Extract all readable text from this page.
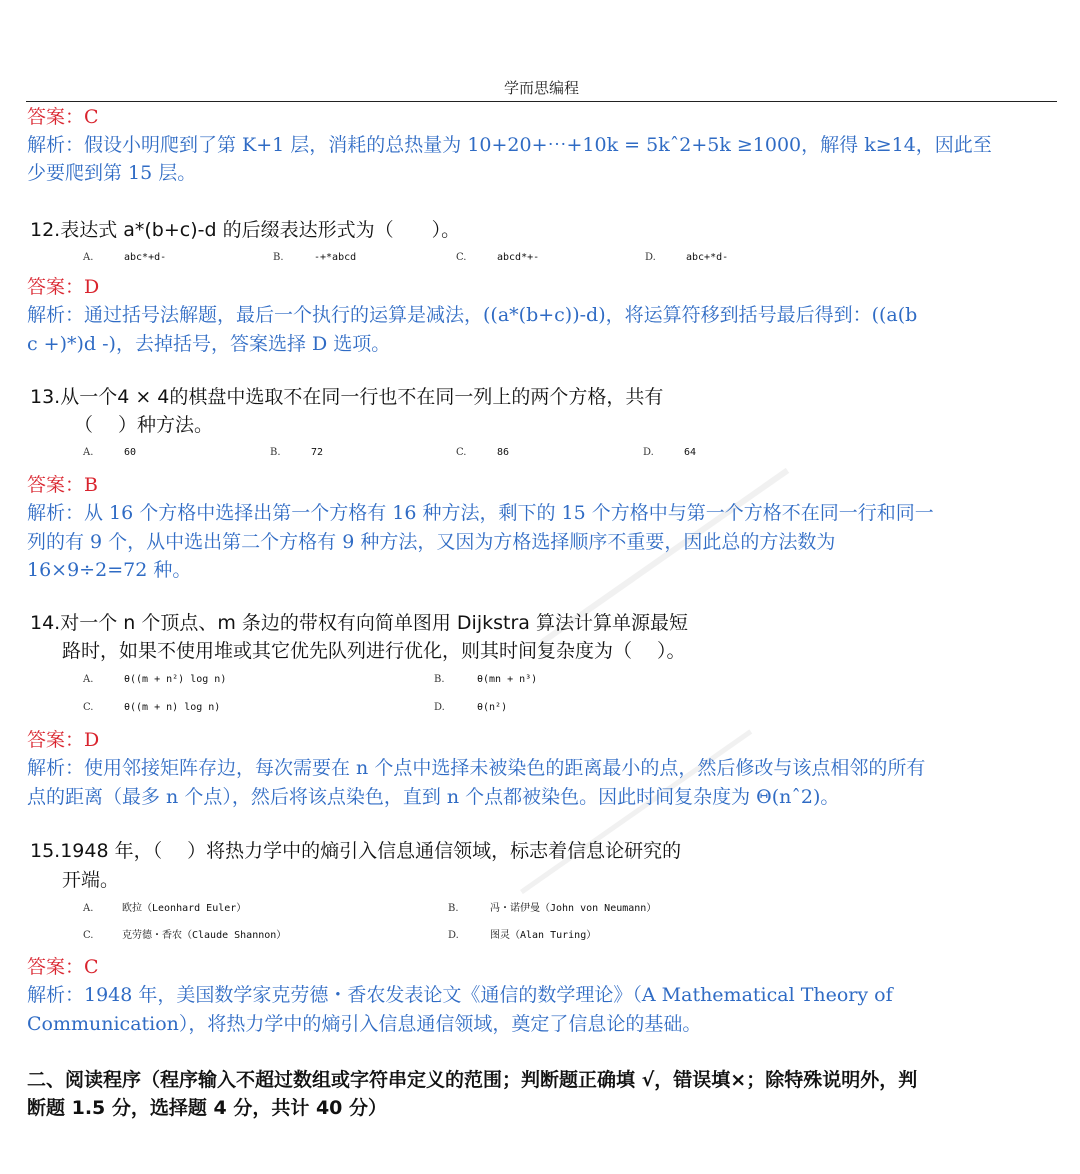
学而思编程
答案：C
解析：假设小明爬到了第 K+1 层，消耗的总热量为 10+20+⋯+10k = 5kˆ2+5k ≥1000，解得 k≥14，因此至
少要爬到第 15 层。
12.表达式 a*(b+c)-d 的后缀表达形式为（　　）。
A.	abc*+d-	B.	-+*abcd	C.	abcd*+-	D.	abc+*d-
答案：D
解析：通过括号法解题，最后一个执行的运算是减法，((a*(b+c))-d)，将运算符移到括号最后得到：((a(b
c +)*)d -)，去掉括号，答案选择 D 选项。
13.从一个4 × 4的棋盘中选取不在同一行也不在同一列上的两个方格，共有
（　 ）种方法。
A.	60	B.	72	C.	86	D.	64
答案：B
解析：从 16 个方格中选择出第一个方格有 16 种方法，剩下的 15 个方格中与第一个方格不在同一行和同一
列的有 9 个，从中选出第二个方格有 9 种方法，又因为方格选择顺序不重要，因此总的方法数为
16×9÷2=72 种。
14.对一个 n 个顶点、m 条边的带权有向简单图用 Dijkstra 算法计算单源最短
路时，如果不使用堆或其它优先队列进行优化，则其时间复杂度为（　 ）。
A.	θ((m + n²) log n)	B.	θ(mn + n³)
C.	θ((m + n) log n)	D.	θ(n²)
答案：D
解析：使用邻接矩阵存边，每次需要在 n 个点中选择未被染色的距离最小的点，然后修改与该点相邻的所有
点的距离（最多 n 个点），然后将该点染色，直到 n 个点都被染色。因此时间复杂度为 Θ(nˆ2)。
15.1948 年，（　 ）将热力学中的熵引入信息通信领域，标志着信息论研究的
开端。
A.	欧拉（Leonhard Euler）	B.	冯・诺伊曼（John von Neumann）
C.	克劳德・香农（Claude Shannon）	D.	图灵（Alan Turing）
答案：C
解析：1948 年，美国数学家克劳德・香农发表论文《通信的数学理论》（A Mathematical Theory of
Communication），将热力学中的熵引入信息通信领域，奠定了信息论的基础。
二、阅读程序（程序输入不超过数组或字符串定义的范围；判断题正确填 √，错误填×；除特殊说明外，判
断题 1.5 分，选择题 4 分，共计 40 分）
